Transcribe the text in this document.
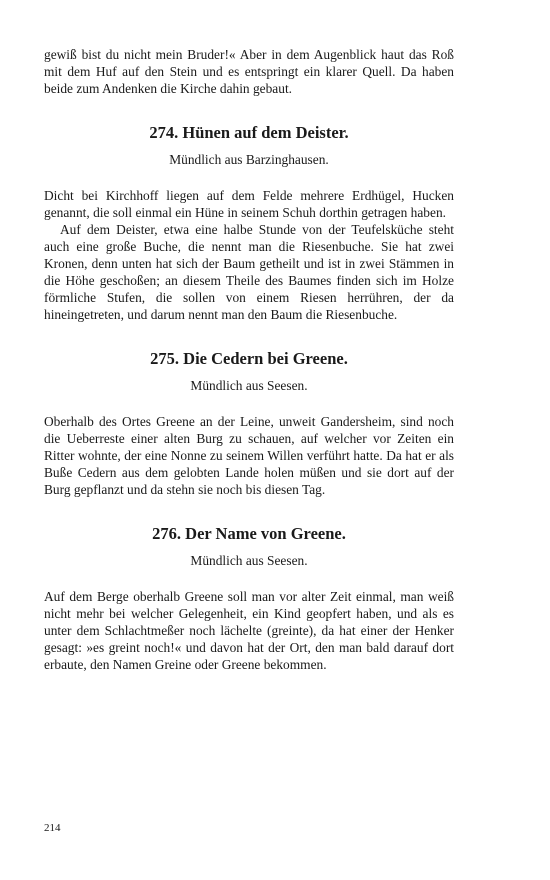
gewiß bist du nicht mein Bruder!« Aber in dem Augenblick haut das Roß mit dem Huf auf den Stein und es entspringt ein klarer Quell. Da haben beide zum Andenken die Kirche dahin gebaut.

274. Hünen auf dem Deister.
Mündlich aus Barzinghausen.

Dicht bei Kirchhoff liegen auf dem Felde mehrere Erdhügel, Hucken genannt, die soll einmal ein Hüne in seinem Schuh dorthin getragen haben.

Auf dem Deister, etwa eine halbe Stunde von der Teufelsküche steht auch eine große Buche, die nennt man die Riesenbuche. Sie hat zwei Kronen, denn unten hat sich der Baum getheilt und ist in zwei Stämmen in die Höhe geschoßen; an diesem Theile des Baumes finden sich im Holze förmliche Stufen, die sollen von einem Riesen herrühren, der da hineingetreten, und darum nennt man den Baum die Riesenbuche.

275. Die Cedern bei Greene.
Mündlich aus Seesen.

Oberhalb des Ortes Greene an der Leine, unweit Gandersheim, sind noch die Ueberreste einer alten Burg zu schauen, auf welcher vor Zeiten ein Ritter wohnte, der eine Nonne zu seinem Willen verführt hatte. Da hat er als Buße Cedern aus dem gelobten Lande holen müßen und sie dort auf der Burg gepflanzt und da stehn sie noch bis diesen Tag.

276. Der Name von Greene.
Mündlich aus Seesen.

Auf dem Berge oberhalb Greene soll man vor alter Zeit einmal, man weiß nicht mehr bei welcher Gelegenheit, ein Kind geopfert haben, und als es unter dem Schlachtmeßer noch lächelte (greinte), da hat einer der Henker gesagt: »es greint noch!« und davon hat der Ort, den man bald darauf dort erbaute, den Namen Greine oder Greene bekommen.

214
